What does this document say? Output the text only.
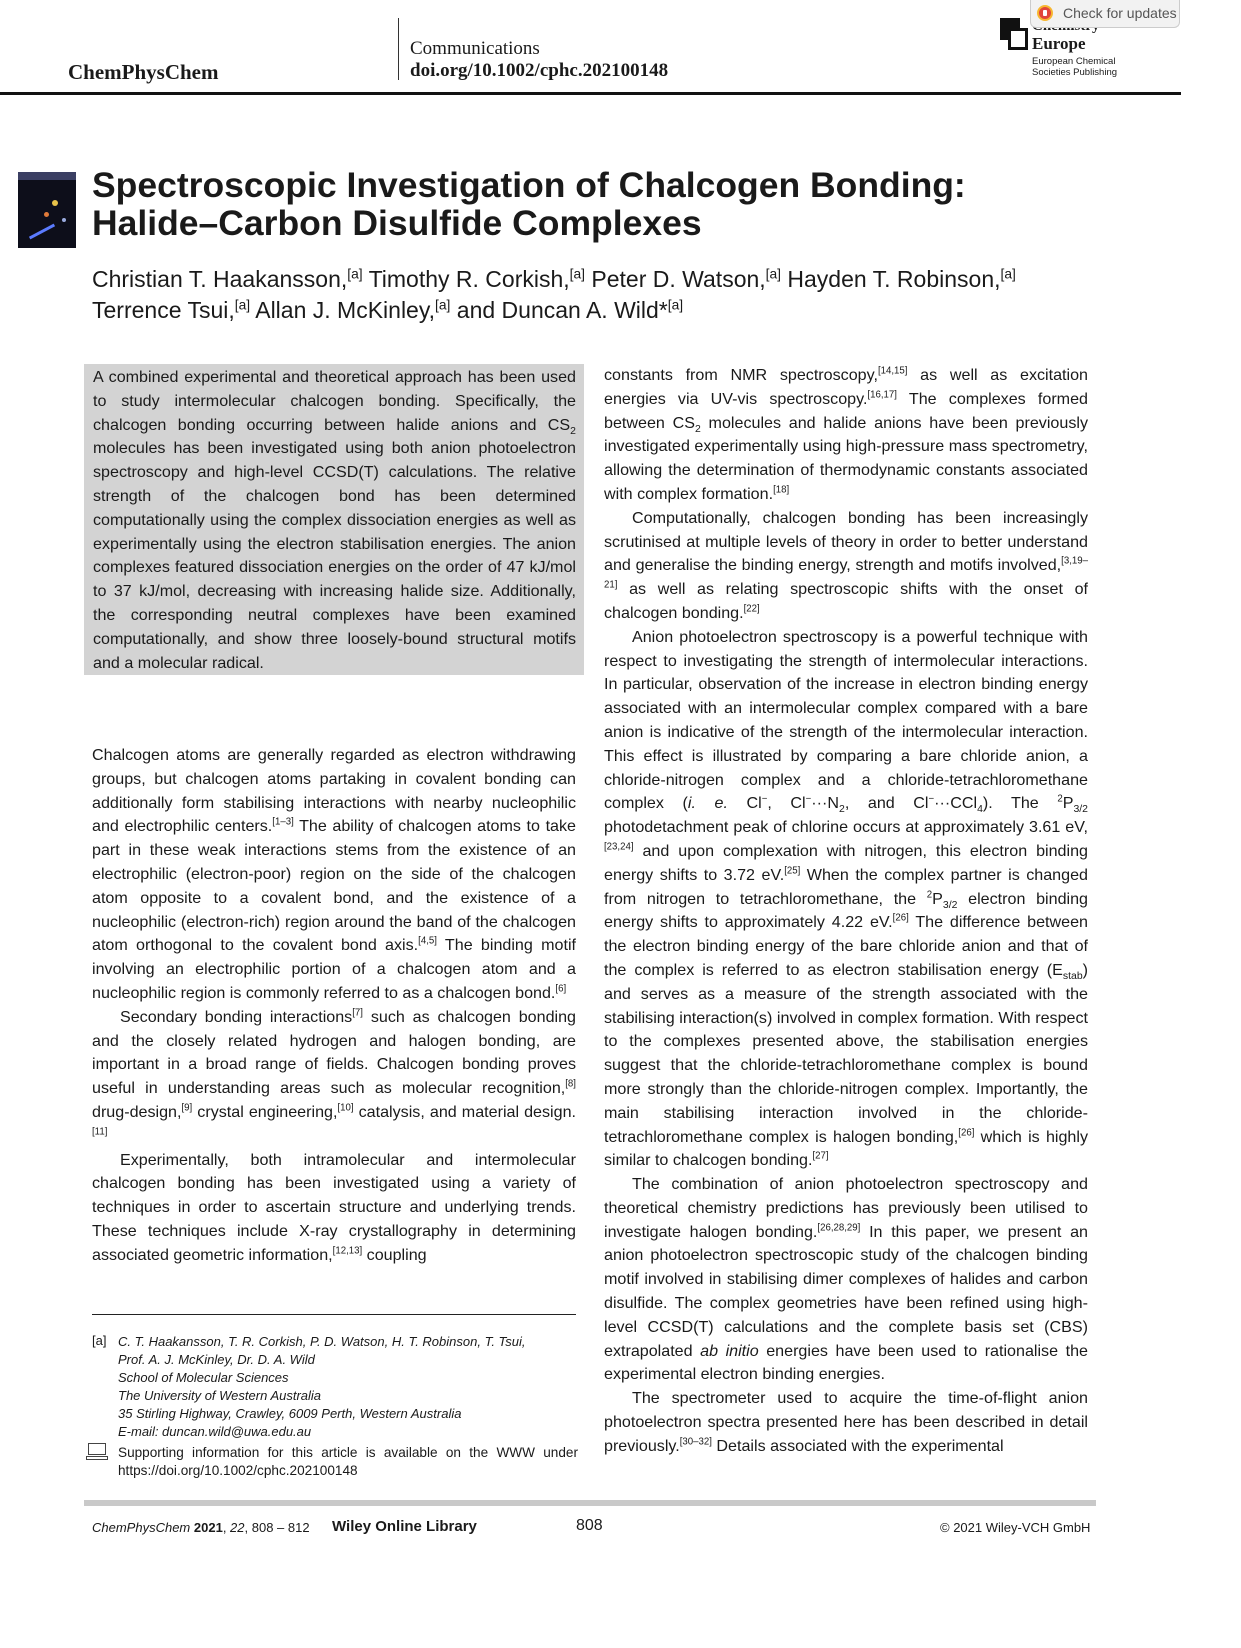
ChemPhysChem
Communications
doi.org/10.1002/cphc.202100148
Europe
European Chemical
Societies Publishing
Check for updates
Spectroscopic Investigation of Chalcogen Bonding: Halide–Carbon Disulfide Complexes
Christian T. Haakansson,[a] Timothy R. Corkish,[a] Peter D. Watson,[a] Hayden T. Robinson,[a]
Terrence Tsui,[a] Allan J. McKinley,[a] and Duncan A. Wild*[a]
A combined experimental and theoretical approach has been used to study intermolecular chalcogen bonding. Specifically, the chalcogen bonding occurring between halide anions and $CS_2$ molecules has been investigated using both anion photoelectron spectroscopy and high-level CCSD(T) calculations. The relative strength of the chalcogen bond has been determined computationally using the complex dissociation energies as well as experimentally using the electron stabilisation energies. The anion complexes featured dissociation energies on the order of 47 kJ/mol to 37 kJ/mol, decreasing with increasing halide size. Additionally, the corresponding neutral complexes have been examined computationally, and show three loosely-bound structural motifs and a molecular radical.

Chalcogen atoms are generally regarded as electron withdrawing groups, but chalcogen atoms partaking in covalent bonding can additionally form stabilising interactions with nearby nucleophilic and electrophilic centers.[1–3] The ability of chalcogen atoms to take part in these weak interactions stems from the existence of an electrophilic (electron-poor) region on the side of the chalcogen atom opposite to a covalent bond, and the existence of a nucleophilic (electron-rich) region around the band of the chalcogen atom orthogonal to the covalent bond axis.[4,5] The binding motif involving an electrophilic portion of a chalcogen atom and a nucleophilic region is commonly referred to as a chalcogen bond.[6]

Secondary bonding interactions[7] such as chalcogen bonding and the closely related hydrogen and halogen bonding, are important in a broad range of fields. Chalcogen bonding proves useful in understanding areas such as molecular recognition,[8] drug-design,[9] crystal engineering,[10] catalysis, and material design.[11]

Experimentally, both intramolecular and intermolecular chalcogen bonding has been investigated using a variety of techniques in order to ascertain structure and underlying trends. These techniques include X-ray crystallography in determining associated geometric information,[12,13] coupling

constants from NMR spectroscopy,[14,15] as well as excitation energies via UV-vis spectroscopy.[16,17] The complexes formed between $CS_2$ molecules and halide anions have been previously investigated experimentally using high-pressure mass spectrometry, allowing the determination of thermodynamic constants associated with complex formation.[18]

Computationally, chalcogen bonding has been increasingly scrutinised at multiple levels of theory in order to better understand and generalise the binding energy, strength and motifs involved,[3,19–21] as well as relating spectroscopic shifts with the onset of chalcogen bonding.[22]

Anion photoelectron spectroscopy is a powerful technique with respect to investigating the strength of intermolecular interactions. In particular, observation of the increase in electron binding energy associated with an intermolecular complex compared with a bare anion is indicative of the strength of the intermolecular interaction. This effect is illustrated by comparing a bare chloride anion, a chloride-nitrogen complex and a chloride-tetrachloromethane complex (i. e. Cl−, $Cl^-\cdot\cdot\cdot N_2$, and Cl−···CCl$_4$). The $^2P_{3/2}$ photodetachment peak of chlorine occurs at approximately 3.61 eV,[23,24] and upon complexation with nitrogen, this electron binding energy shifts to 3.72 eV.[25] When the complex partner is changed from nitrogen to tetrachloromethane, the $^2P_{3/2}$ electron binding energy shifts to approximately 4.22 eV.[26] The difference between the electron binding energy of the bare chloride anion and that of the complex is referred to as electron stabilisation energy $(E_{stab})$ and serves as a measure of the strength associated with the stabilising interaction(s) involved in complex formation. With respect to the complexes presented above, the stabilisation energies suggest that the chloride-tetrachloromethane complex is bound more strongly than the chloride-nitrogen complex. Importantly, the main stabilising interaction involved in the chloride-tetrachloromethane complex is halogen bonding,[26] which is highly similar to chalcogen bonding.[27]

The combination of anion photoelectron spectroscopy and theoretical chemistry predictions has previously been utilised to investigate halogen bonding.[26,28,29] In this paper, we present an anion photoelectron spectroscopic study of the chalcogen binding motif involved in stabilising dimer complexes of halides and carbon disulfide. The complex geometries have been refined using high-level CCSD(T) calculations and the complete basis set (CBS) extrapolated ab initio energies have been used to rationalise the experimental electron binding energies.

The spectrometer used to acquire the time-of-flight anion photoelectron spectra presented here has been described in detail previously.[30–32] Details associated with the experimental

[a] C. T. Haakansson, T. R. Corkish, P. D. Watson, H. T. Robinson, T. Tsui,
Prof. A. J. McKinley, Dr. D. A. Wild
School of Molecular Sciences
The University of Western Australia
35 Stirling Highway, Crawley, 6009 Perth, Western Australia
E-mail: duncan.wild@uwa.edu.au
Supporting information for this article is available on the WWW under https://doi.org/10.1002/cphc.202100148
ChemPhysChem 2021, 22, 808 – 812 Wiley Online Library	808	© 2021 Wiley-VCH GmbH
